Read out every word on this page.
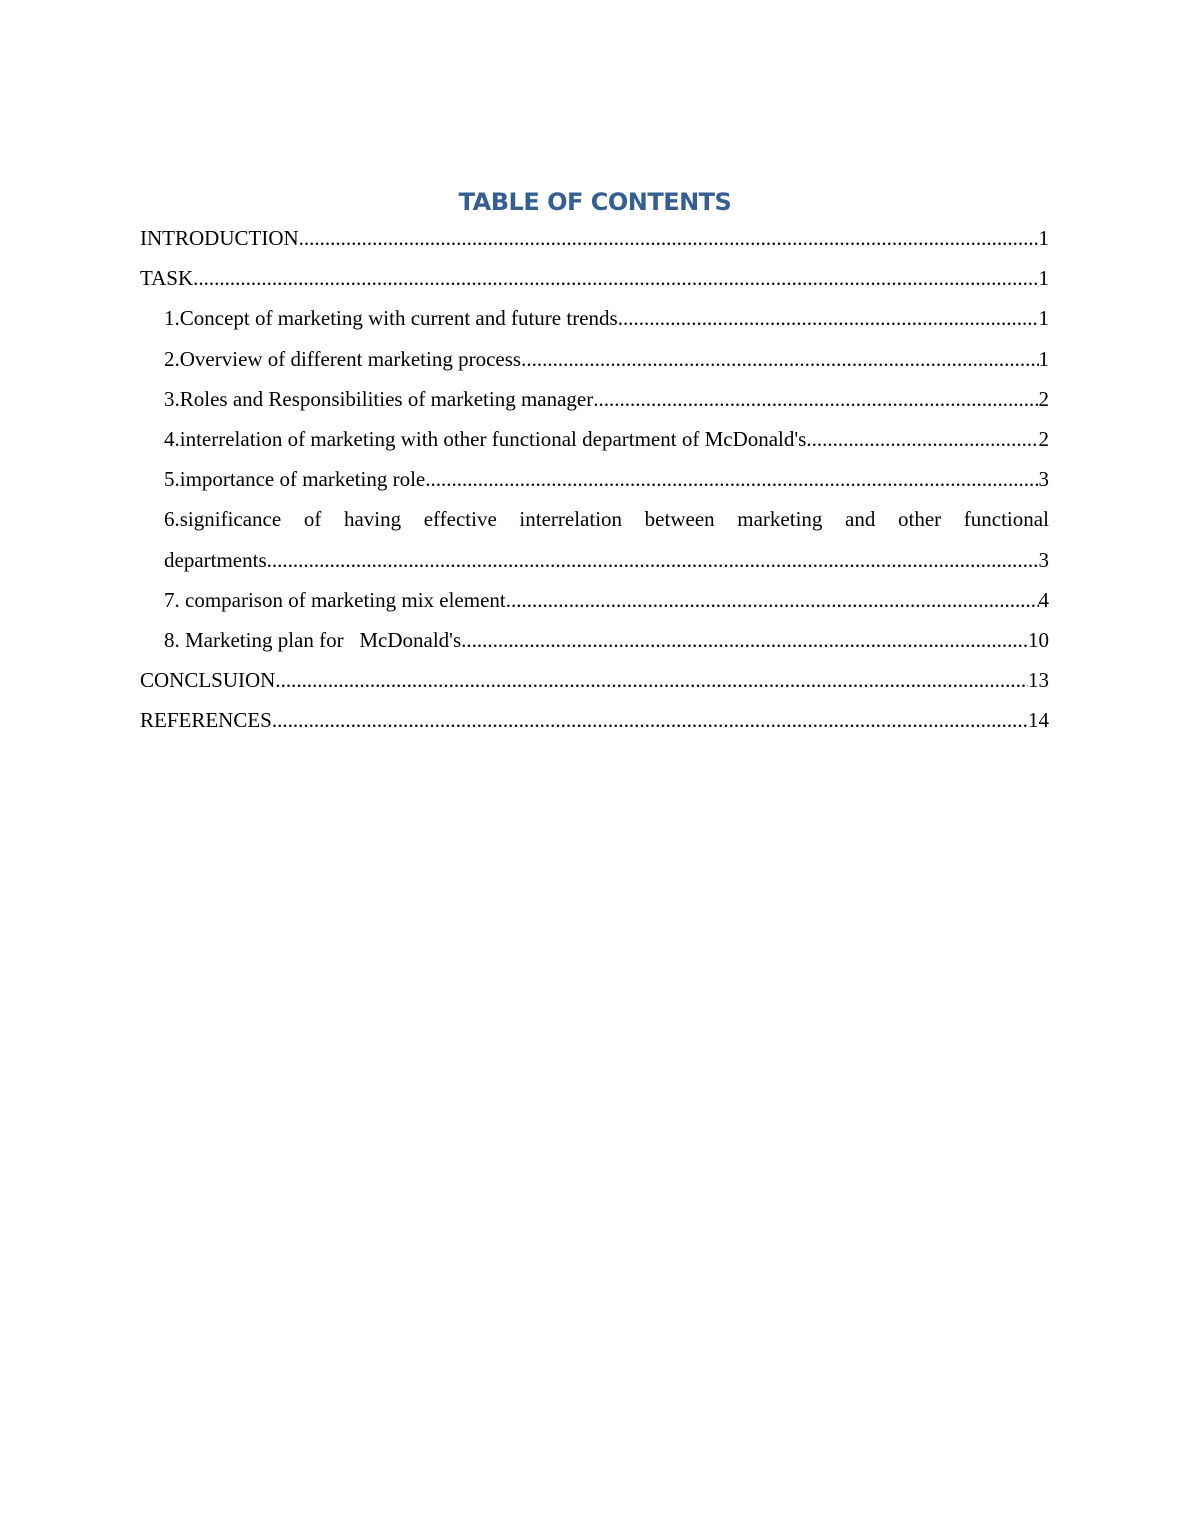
TABLE OF CONTENTS
INTRODUCTION .....	1
TASK .....	1
1.Concept of marketing with current and future trends .....	1
2.Overview of different marketing process .....	1
3.Roles and Responsibilities of marketing manager .....	2
4.interrelation of marketing with other functional department of McDonald's. .....	2
5.importance of marketing role .....	3
6.significance of having effective interrelation between marketing and other functional
departments .....	3
7. comparison of marketing mix element .....	4
8. Marketing plan for   McDonald's .....	10
CONCLSUION .....	13
REFERENCES .....	14
